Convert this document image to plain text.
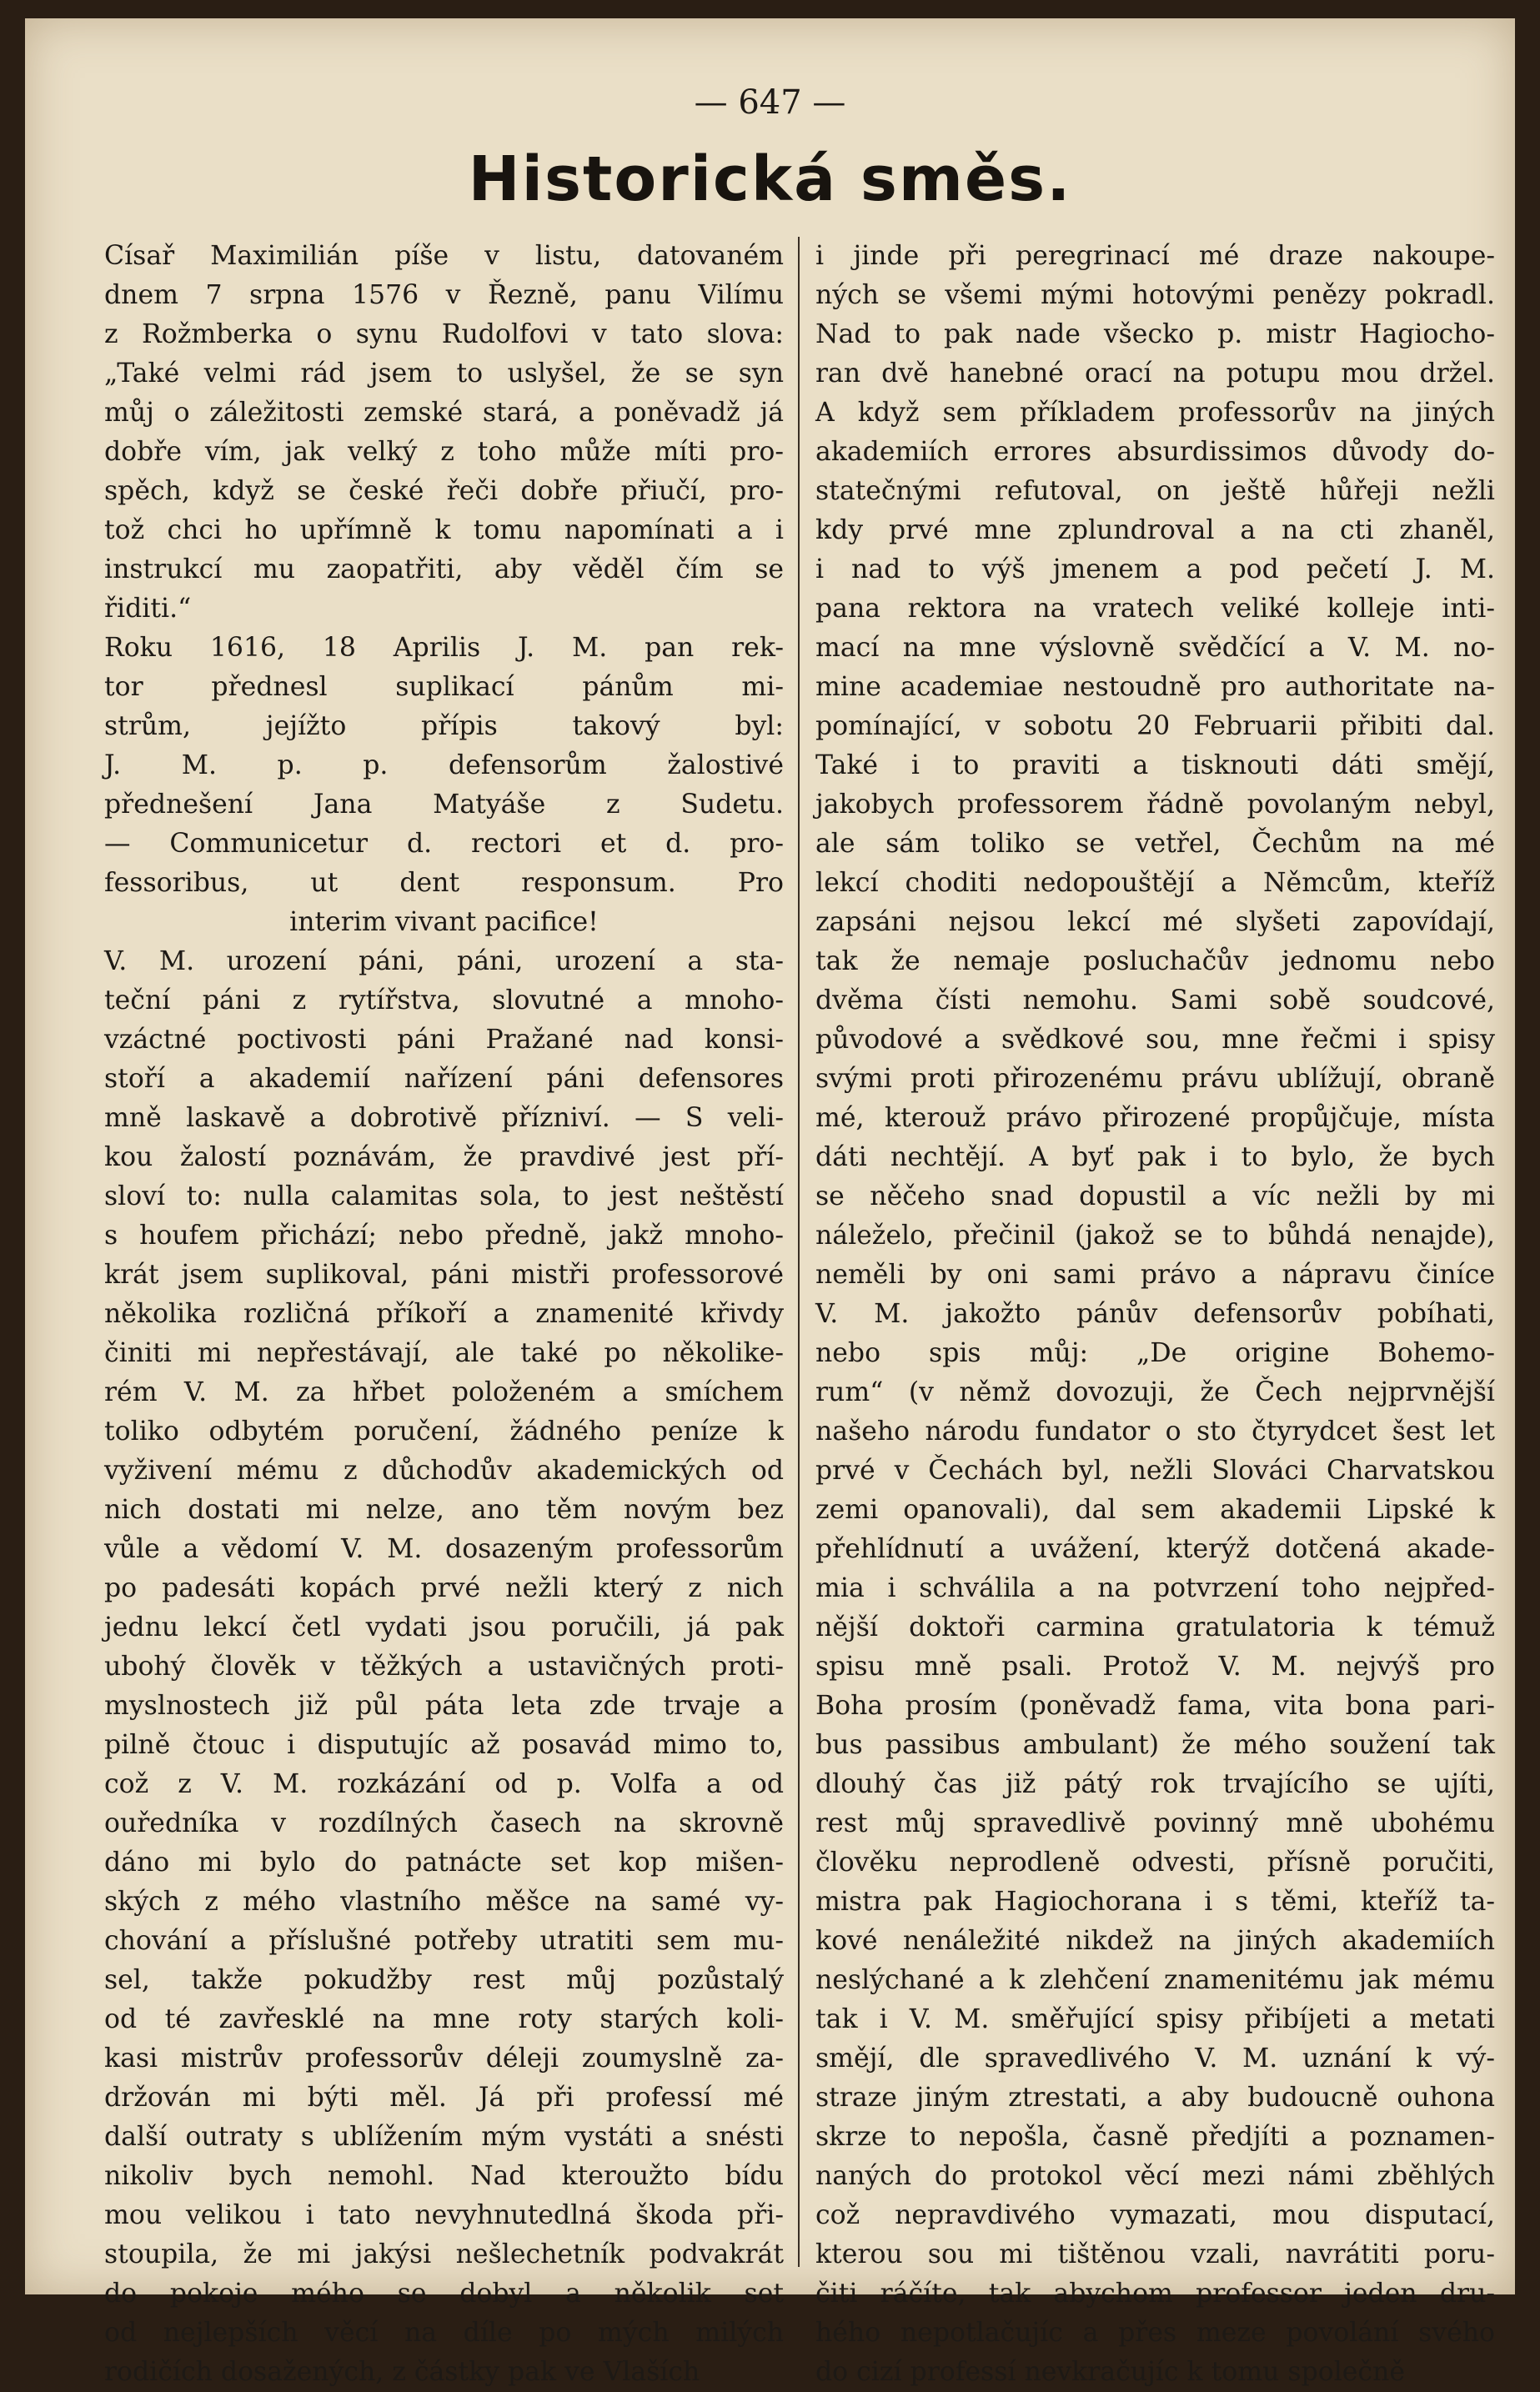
— 647 —
Historická směs.
Císař Maximilián píše v listu, datovaném
dnem 7 srpna 1576 v Řezně, panu Vilímu
z Rožmberka o synu Rudolfovi v tato slova:
„Také velmi rád jsem to uslyšel, že se syn
můj o záležitosti zemské stará, a poněvadž já
dobře vím, jak velký z toho může míti pro-
spěch, když se české řeči dobře přiučí, pro-
tož chci ho upřímně k tomu napomínati a i
instrukcí mu zaopatřiti, aby věděl čím se
řiditi.“
Roku 1616, 18 Aprilis J. M. pan rek-
tor přednesl suplikací pánům mi-
strům, jejížto přípis takový byl:
J. M. p. p. defensorům žalostivé
přednešení Jana Matyáše z Sudetu.
— Communicetur d. rectori et d. pro-
fessoribus, ut dent responsum. Pro
interim vivant pacifice!
V. M. urození páni, páni, urození a sta-
teční páni z rytířstva, slovutné a mnoho-
vzáctné poctivosti páni Pražané nad konsi-
stoří a akademií nařízení páni defensores
mně laskavě a dobrotivě přízniví. — S veli-
kou žalostí poznávám, že pravdivé jest pří-
sloví to: nulla calamitas sola, to jest neštěstí
s houfem přichází; nebo předně, jakž mnoho-
krát jsem suplikoval, páni mistři professorové
několika rozličná příkoří a znamenité křivdy
činiti mi nepřestávají, ale také po několike-
rém V. M. za hřbet položeném a smíchem
toliko odbytém poručení, žádného peníze k
vyživení mému z důchodův akademických od
nich dostati mi nelze, ano těm novým bez
vůle a vědomí V. M. dosazeným professorům
po padesáti kopách prvé nežli který z nich
jednu lekcí četl vydati jsou poručili, já pak
ubohý člověk v těžkých a ustavičných proti-
myslnostech již půl páta leta zde trvaje a
pilně čtouc i disputujíc až posavád mimo to,
což z V. M. rozkázání od p. Volfa a od
ouředníka v rozdílných časech na skrovně
dáno mi bylo do patnácte set kop mišen-
ských z mého vlastního měšce na samé vy-
chování a příslušné potřeby utratiti sem mu-
sel, takže pokudžby rest můj pozůstalý
od té zavřesklé na mne roty starých koli-
kasi mistrův professorův déleji zoumyslně za-
držován mi býti měl. Já při professí mé
další outraty s ublížením mým vystáti a snésti
nikoliv bych nemohl. Nad kteroužto bídu
mou velikou i tato nevyhnutedlná škoda při-
stoupila, že mi jakýsi nešlechetník podvakrát
do pokoje mého se dobyl a několik set
od nejlepších věcí na díle po mých milých
rodičích dosažených, z částky pak ve Vlaších
i jinde při peregrinací mé draze nakoupe-
ných se všemi mými hotovými penězy pokradl.
Nad to pak nade všecko p. mistr Hagiocho-
ran dvě hanebné orací na potupu mou držel.
A když sem příkladem professorův na jiných
akademiích errores absurdissimos důvody do-
statečnými refutoval, on ještě hůřeji nežli
kdy prvé mne zplundroval a na cti zhaněl,
i nad to výš jmenem a pod pečetí J. M.
pana rektora na vratech veliké kolleje inti-
mací na mne výslovně svědčící a V. M. no-
mine academiae nestoudně pro authoritate na-
pomínající, v sobotu 20 Februarii přibiti dal.
Také i to praviti a tisknouti dáti smějí,
jakobych professorem řádně povolaným nebyl,
ale sám toliko se vetřel, Čechům na mé
lekcí choditi nedopouštějí a Němcům, kteříž
zapsáni nejsou lekcí mé slyšeti zapovídají,
tak že nemaje posluchačův jednomu nebo
dvěma čísti nemohu. Sami sobě soudcové,
původové a svědkové sou, mne řečmi i spisy
svými proti přirozenému právu ublížují, obraně
mé, kterouž právo přirozené propůjčuje, místa
dáti nechtějí. A byť pak i to bylo, že bych
se něčeho snad dopustil a víc nežli by mi
náleželo, přečinil (jakož se to bůhdá nenajde),
neměli by oni sami právo a nápravu činíce
V. M. jakožto pánův defensorův pobíhati,
nebo spis můj: „De origine Bohemo-
rum“ (v němž dovozuji, že Čech nejprvnější
našeho národu fundator o sto čtyrydcet šest let
prvé v Čechách byl, nežli Slováci Charvatskou
zemi opanovali), dal sem akademii Lipské k
přehlídnutí a uvážení, kterýž dotčená akade-
mia i schválila a na potvrzení toho nejpřed-
nější doktoři carmina gratulatoria k témuž
spisu mně psali. Protož V. M. nejvýš pro
Boha prosím (poněvadž fama, vita bona pari-
bus passibus ambulant) že mého soužení tak
dlouhý čas již pátý rok trvajícího se ujíti,
rest můj spravedlivě povinný mně ubohému
člověku neprodleně odvesti, přísně poručiti,
mistra pak Hagiochorana i s těmi, kteříž ta-
kové nenáležité nikdež na jiných akademiích
neslýchané a k zlehčení znamenitému jak mému
tak i V. M. směřující spisy přibíjeti a metati
smějí, dle spravedlivého V. M. uznání k vý-
straze jiným ztrestati, a aby budoucně ouhona
skrze to nepošla, časně předjíti a poznamen-
naných do protokol věcí mezi námi zběhlých
což nepravdivého vymazati, mou disputací,
kterou sou mi tištěnou vzali, navrátiti poru-
čiti ráčíte, tak abychom professor jeden dru-
hého nepotlačujíc a přes meze povolání svého
do cizí professí nevkračujíc k tomu společně
